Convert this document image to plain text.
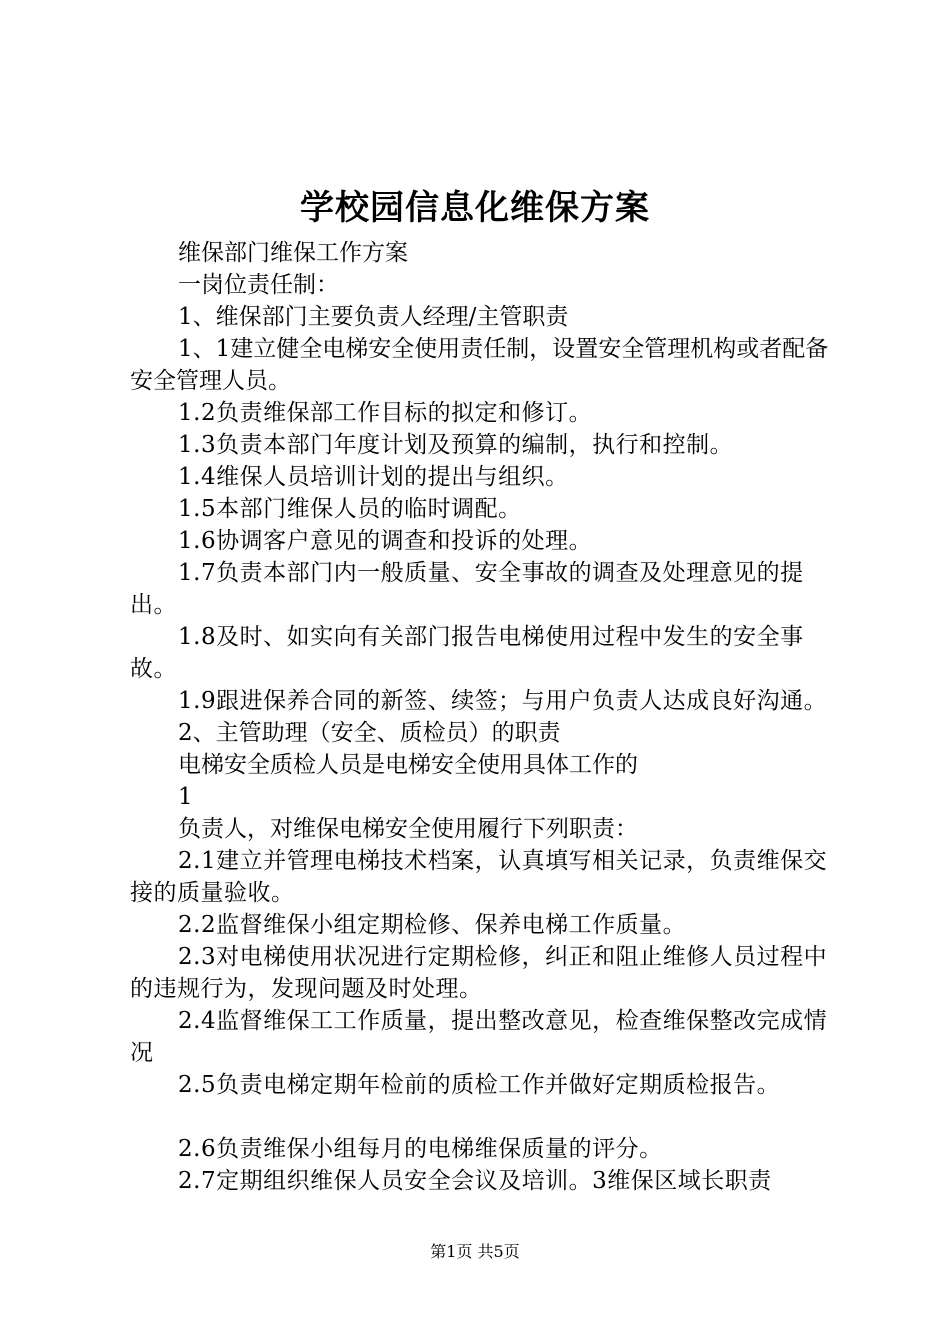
学校园信息化维保方案

维保部门维保工作方案

一岗位责任制：

1、维保部门主要负责人经理/主管职责

1、1建立健全电梯安全使用责任制，设置安全管理机构或者配备安全管理人员。

1.2负责维保部工作目标的拟定和修订。

1.3负责本部门年度计划及预算的编制，执行和控制。

1.4维保人员培训计划的提出与组织。

1.5本部门维保人员的临时调配。

1.6协调客户意见的调查和投诉的处理。

1.7负责本部门内一般质量、安全事故的调查及处理意见的提出。

1.8及时、如实向有关部门报告电梯使用过程中发生的安全事故。

1.9跟进保养合同的新签、续签；与用户负责人达成良好沟通。

2、主管助理（安全、质检员）的职责

电梯安全质检人员是电梯安全使用具体工作的

1

负责人，对维保电梯安全使用履行下列职责：

2.1建立并管理电梯技术档案，认真填写相关记录，负责维保交接的质量验收。

2.2监督维保小组定期检修、保养电梯工作质量。

2.3对电梯使用状况进行定期检修，纠正和阻止维修人员过程中的违规行为，发现问题及时处理。

2.4监督维保工工作质量，提出整改意见，检查维保整改完成情况

2.5负责电梯定期年检前的质检工作并做好定期质检报告。

2.6负责维保小组每月的电梯维保质量的评分。

2.7定期组织维保人员安全会议及培训。3维保区域长职责

第1页 共5页
